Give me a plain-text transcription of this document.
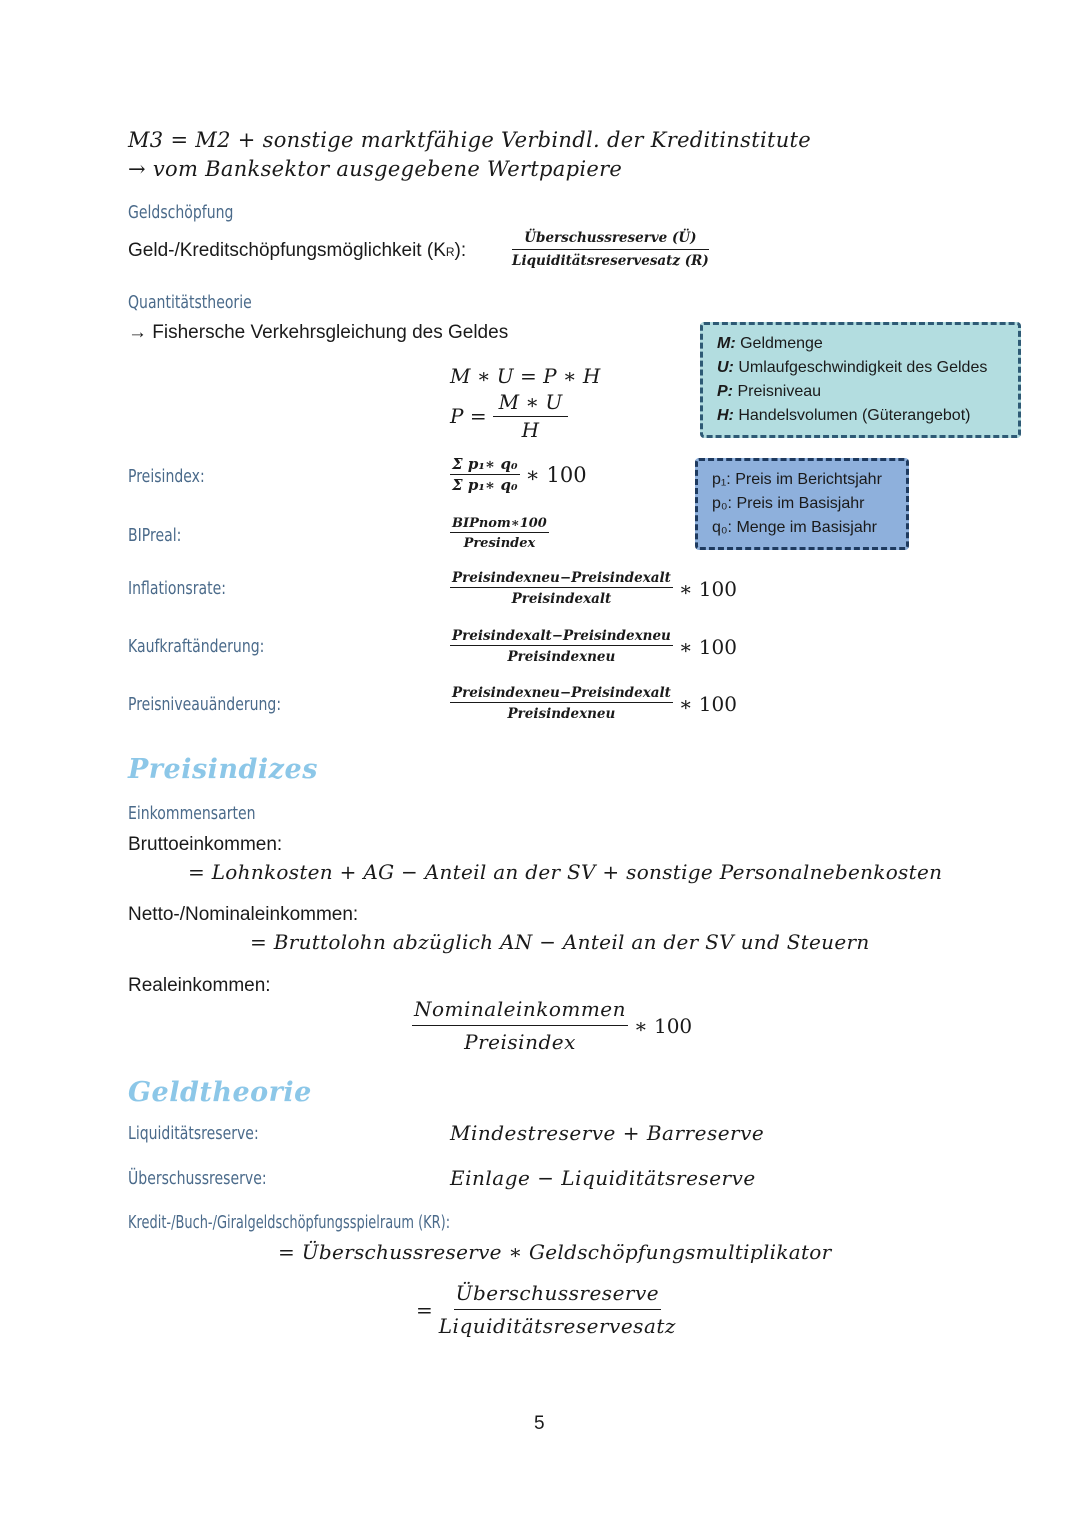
M3 = M2 + sonstige marktfähige Verbindl. der Kreditinstitute
→ vom Banksektor ausgegebene Wertpapiere
Geldschöpfung
Geld-/Kreditschöpfungsmöglichkeit (KR):	$\frac{\text{Überschussreserve (Ü)}}{\text{Liquiditätsreservesatz (R)}}$
Quantitätstheorie
→ Fishersche Verkehrsgleichung des Geldes
M ∗ U = P ∗ H
$P = \frac{M ∗ U}{H}$
M: Geldmenge
U: Umlaufgeschwindigkeit des Geldes
P: Preisniveau
H: Handelsvolumen (Güterangebot)
Preisindex:	$\frac{\text{Σ p₁∗ q₀}}{\text{Σ p₁∗ q₀}}$ ∗ 100	p₁: Preis im Berichtsjahr
p₀: Preis im Basisjahr
q₀: Menge im Basisjahr
BIPreal:	$\frac{\text{BIPnom∗100}}{\text{Presindex}}$
Inflationsrate:	$\frac{\text{Preisindexneu−Preisindexalt}}{\text{Preisindexalt}}$ ∗ 100
Kaufkraftänderung:	$\frac{\text{Preisindexalt−Preisindexneu}}{\text{Preisindexneu}}$ ∗ 100
Preisniveauänderung:	$\frac{\text{Preisindexneu−Preisindexalt}}{\text{Preisindexneu}}$ ∗ 100
Preisindizes
Einkommensarten
Bruttoeinkommen:
= Lohnkosten + AG − Anteil an der SV + sonstige Personalnebenkosten
Netto-/Nominaleinkommen:
= Bruttolohn abzüglich AN − Anteil an der SV und Steuern
Realeinkommen:
$\frac{\text{Nominaleinkommen}}{\text{Preisindex}}$ ∗ 100
Geldtheorie
Liquiditätsreserve:	Mindestreserve + Barreserve
Überschussreserve:	Einlage − Liquiditätsreserve
Kredit-/Buch-/Giralgeldschöpfungsspielraum (KR):
= Überschussreserve ∗ Geldschöpfungsmultiplikator
= $\frac{\text{Überschussreserve}}{\text{Liquiditätsreservesatz}}$
5
